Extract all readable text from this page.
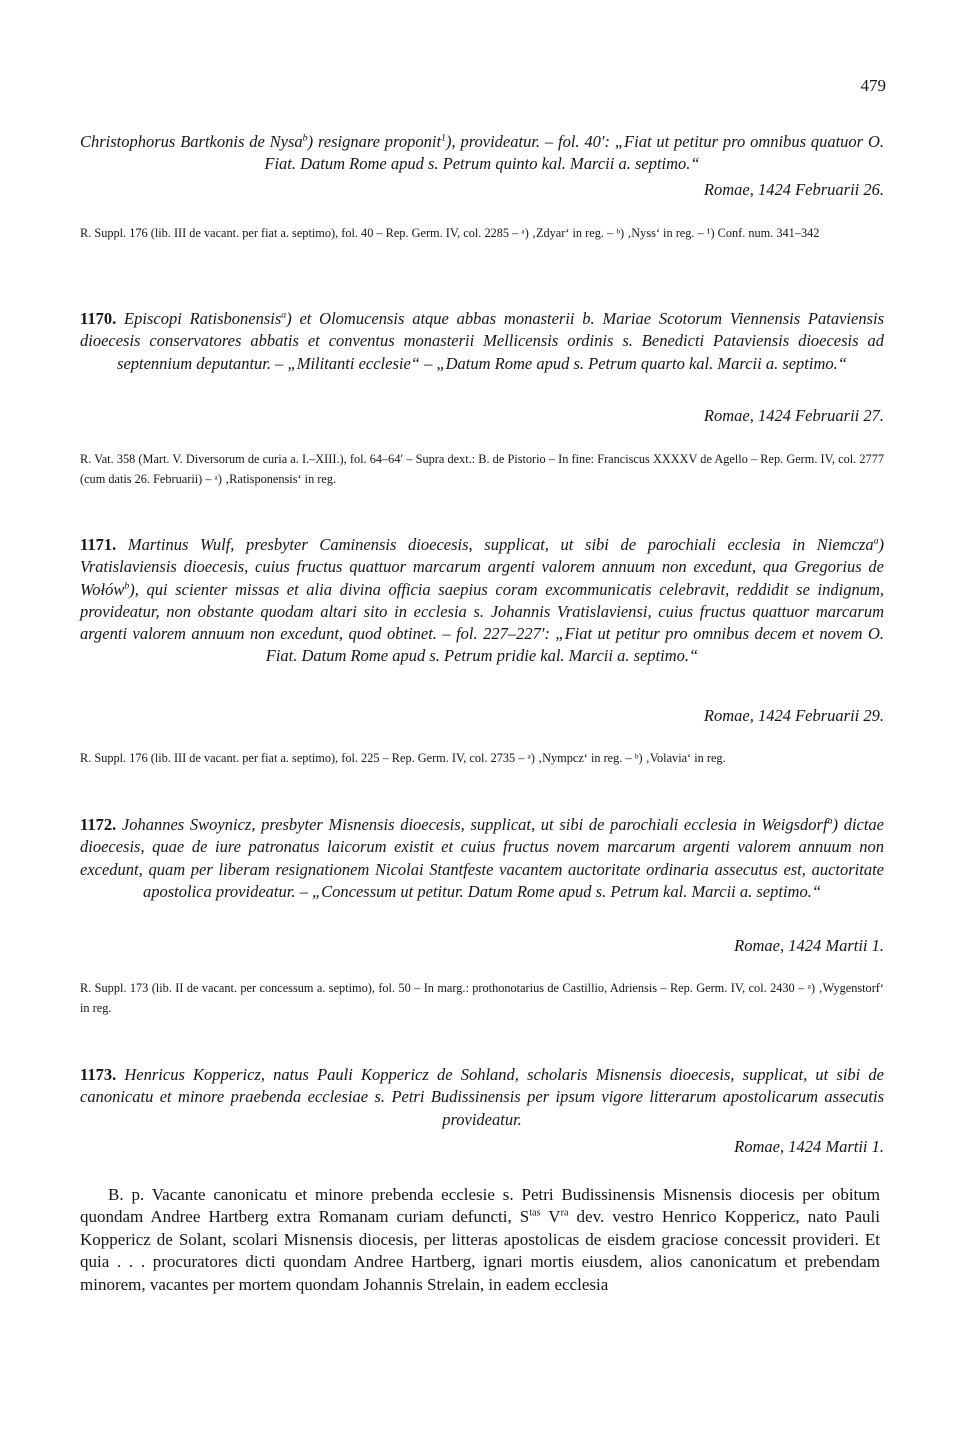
479
Christophorus Bartkonis de Nysa$^b$) resignare proponit$^1$), provideatur. – fol. 40′: „Fiat ut petitur pro omnibus quatuor O. Fiat. Datum Rome apud s. Petrum quinto kal. Marcii a. septimo.“
Romae, 1424 Februarii 26.
R. Suppl. 176 (lib. III de vacant. per fiat a. septimo), fol. 40 – Rep. Germ. IV, col. 2285 – ᵃ) ‚Zdyar‘ in reg. – ᵇ) ‚Nyss‘ in reg. – ¹) Conf. num. 341–342
1170. Episcopi Ratisbonensis$^a$) et Olomucensis atque abbas monasterii b. Mariae Scotorum Viennensis Pataviensis dioecesis conservatores abbatis et conventus monasterii Mellicensis ordinis s. Benedicti Pataviensis dioecesis ad septennium deputantur. – „Militanti ecclesie“ – „Datum Rome apud s. Petrum quarto kal. Marcii a. septimo.“
Romae, 1424 Februarii 27.
R. Vat. 358 (Mart. V. Diversorum de curia a. I.–XIII.), fol. 64–64′ – Supra dext.: B. de Pistorio – In fine: Franciscus XXXXV de Agello – Rep. Germ. IV, col. 2777 (cum datis 26. Februarii) – ᵃ) ‚Ratisponensis‘ in reg.
1171. Martinus Wulf, presbyter Caminensis dioecesis, supplicat, ut sibi de parochiali ecclesia in Niemcza$^a$) Vratislaviensis dioecesis, cuius fructus quattuor marcarum argenti valorem annuum non excedunt, qua Gregorius de Wołów$^b$), qui scienter missas et alia divina officia saepius coram excommunicatis celebravit, reddidit se indignum, provideatur, non obstante quodam altari sito in ecclesia s. Johannis Vratislaviensi, cuius fructus quattuor marcarum argenti valorem annuum non excedunt, quod obtinet. – fol. 227–227′: „Fiat ut petitur pro omnibus decem et novem O. Fiat. Datum Rome apud s. Petrum pridie kal. Marcii a. septimo.“
Romae, 1424 Februarii 29.
R. Suppl. 176 (lib. III de vacant. per fiat a. septimo), fol. 225 – Rep. Germ. IV, col. 2735 – ᵃ) ‚Nympcz‘ in reg. – ᵇ) ‚Volavia‘ in reg.
1172. Johannes Swoynicz, presbyter Misnensis dioecesis, supplicat, ut sibi de parochiali ecclesia in Weigsdorf$^a$) dictae dioecesis, quae de iure patronatus laicorum existit et cuius fructus novem marcarum argenti valorem annuum non excedunt, quam per liberam resignationem Nicolai Stantfeste vacantem auctoritate ordinaria assecutus est, auctoritate apostolica provideatur. – „Concessum ut petitur. Datum Rome apud s. Petrum kal. Marcii a. septimo.“
Romae, 1424 Martii 1.
R. Suppl. 173 (lib. II de vacant. per concessum a. septimo), fol. 50 – In marg.: prothonotarius de Castillio, Adriensis – Rep. Germ. IV, col. 2430 – ᵃ) ‚Wygenstorf‘ in reg.
1173. Henricus Koppericz, natus Pauli Koppericz de Sohland, scholaris Misnensis dioecesis, supplicat, ut sibi de canonicatu et minore praebenda ecclesiae s. Petri Budissinensis per ipsum vigore litterarum apostolicarum assecutis provideatur.
Romae, 1424 Martii 1.

B. p. Vacante canonicatu et minore prebenda ecclesie s. Petri Budissinensis Misnensis diocesis per obitum quondam Andree Hartberg extra Romanam curiam defuncti, $S^{tas}$ $V^{ra}$ dev. vestro Henrico Koppericz, nato Pauli Koppericz de Solant, scolari Misnensis diocesis, per litteras apostolicas de eisdem graciose concessit provideri. Et quia . . . procuratores dicti quondam Andree Hartberg, ignari mortis eiusdem, alios canonicatum et prebendam minorem, vacantes per mortem quondam Johannis Strelain, in eadem ecclesia
